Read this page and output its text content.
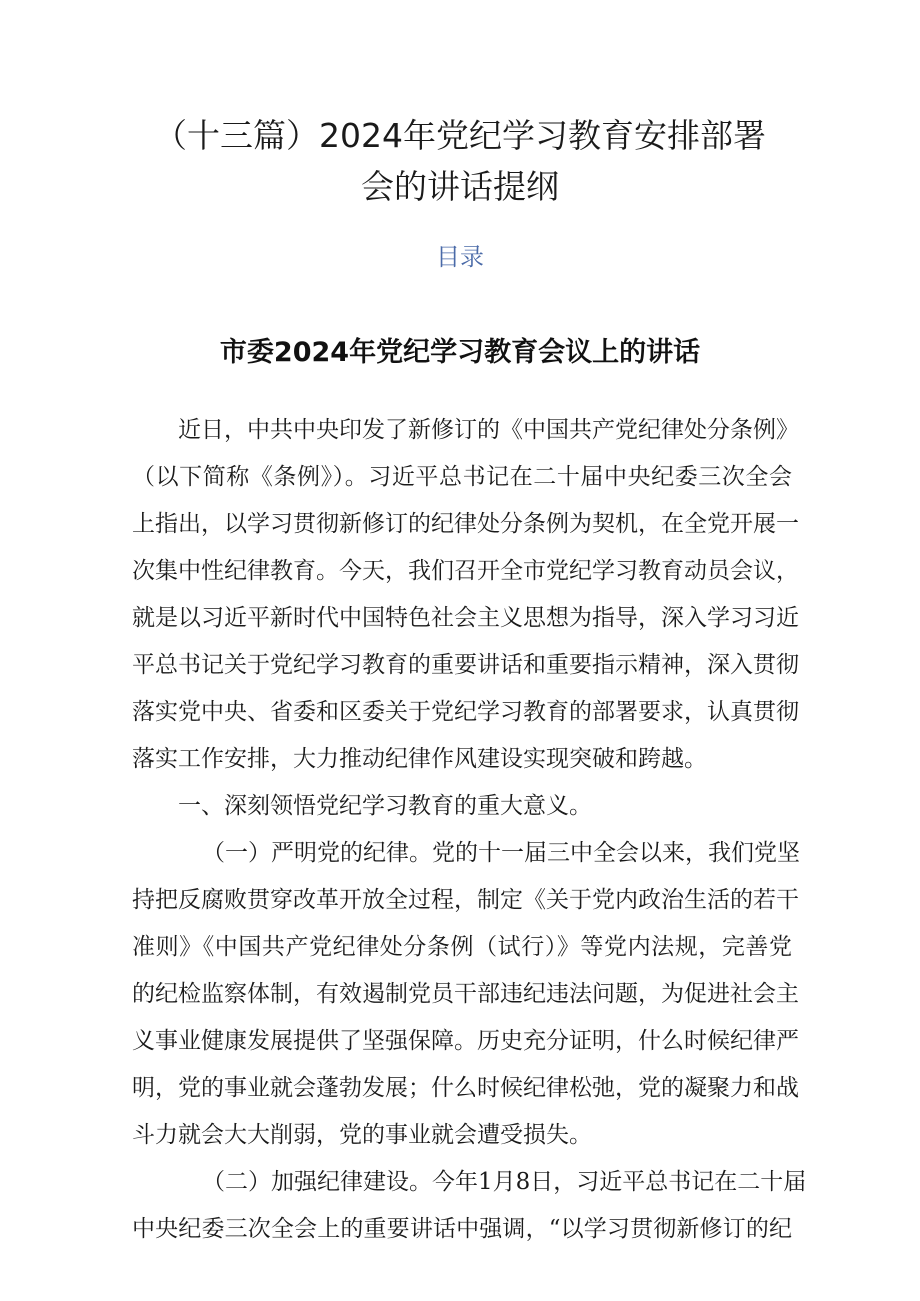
（十三篇）2024年党纪学习教育安排部署
会的讲话提纲
目录
市委2024年党纪学习教育会议上的讲话
近日，中共中央印发了新修订的《中国共产党纪律处分条例》
（以下简称《条例》）。习近平总书记在二十届中央纪委三次全会
上指出，以学习贯彻新修订的纪律处分条例为契机，在全党开展一
次集中性纪律教育。今天，我们召开全市党纪学习教育动员会议，
就是以习近平新时代中国特色社会主义思想为指导，深入学习习近
平总书记关于党纪学习教育的重要讲话和重要指示精神，深入贯彻
落实党中央、省委和区委关于党纪学习教育的部署要求，认真贯彻
落实工作安排，大力推动纪律作风建设实现突破和跨越。
一、深刻领悟党纪学习教育的重大意义。
（一）严明党的纪律。党的十一届三中全会以来，我们党坚
持把反腐败贯穿改革开放全过程，制定《关于党内政治生活的若干
准则》《中国共产党纪律处分条例（试行）》等党内法规，完善党
的纪检监察体制，有效遏制党员干部违纪违法问题，为促进社会主
义事业健康发展提供了坚强保障。历史充分证明，什么时候纪律严
明，党的事业就会蓬勃发展；什么时候纪律松弛，党的凝聚力和战
斗力就会大大削弱，党的事业就会遭受损失。
（二）加强纪律建设。今年1月8日，习近平总书记在二十届
中央纪委三次全会上的重要讲话中强调，“以学习贯彻新修订的纪
